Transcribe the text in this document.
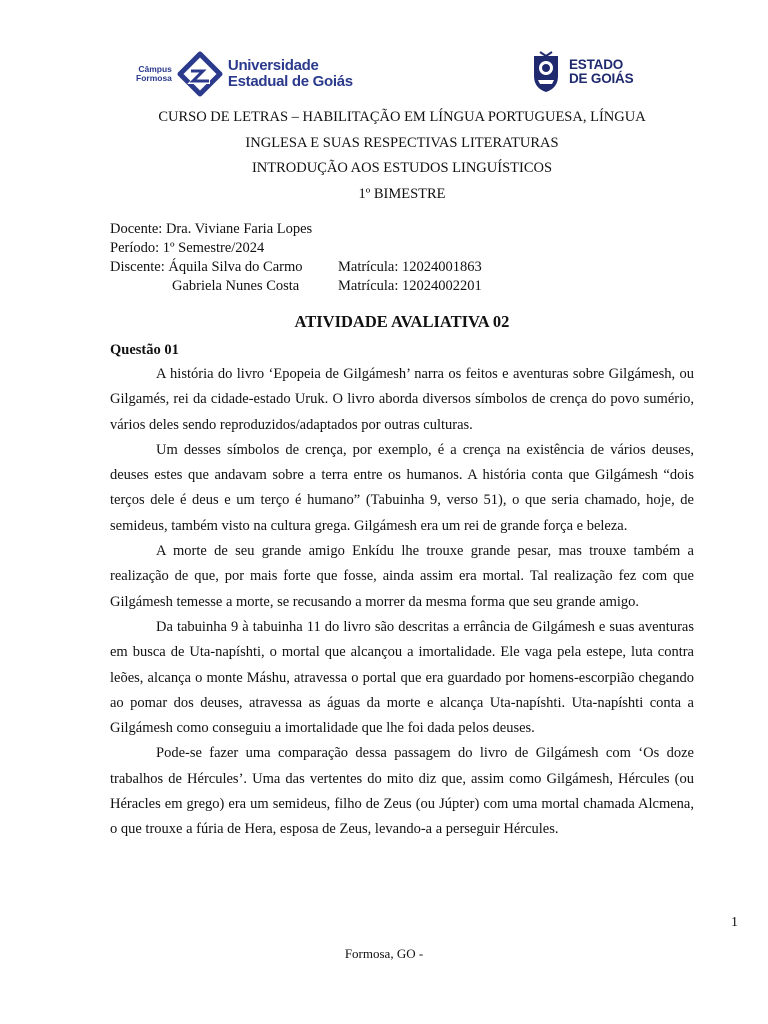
Câmpus
Formosa
Universidade
Estadual de Goiás
ESTADO
DE GOIÁS
CURSO DE LETRAS – HABILITAÇÃO EM LÍNGUA PORTUGUESA, LÍNGUA
INGLESA E SUAS RESPECTIVAS LITERATURAS
INTRODUÇÃO AOS ESTUDOS LINGUÍSTICOS
1º BIMESTRE
Docente: Dra. Viviane Faria Lopes
Período: 1º Semestre/2024
Discente: Áquila Silva do Carmo Matrícula: 12024001863
Gabriela Nunes Costa	Matrícula: 12024002201
ATIVIDADE AVALIATIVA 02
Questão 01

A história do livro ‘Epopeia de Gilgámesh’ narra os feitos e aventuras sobre Gilgámesh, ou Gilgamés, rei da cidade-estado Uruk. O livro aborda diversos símbolos de crença do povo sumério, vários deles sendo reproduzidos/adaptados por outras culturas.

Um desses símbolos de crença, por exemplo, é a crença na existência de vários deuses, deuses estes que andavam sobre a terra entre os humanos. A história conta que Gilgámesh “dois terços dele é deus e um terço é humano” (Tabuinha 9, verso 51), o que seria chamado, hoje, de semideus, também visto na cultura grega. Gilgámesh era um rei de grande força e beleza.

A morte de seu grande amigo Enkídu lhe trouxe grande pesar, mas trouxe também a realização de que, por mais forte que fosse, ainda assim era mortal. Tal realização fez com que Gilgámesh temesse a morte, se recusando a morrer da mesma forma que seu grande amigo.

Da tabuinha 9 à tabuinha 11 do livro são descritas a errância de Gilgámesh e suas aventuras em busca de Uta-napíshti, o mortal que alcançou a imortalidade. Ele vaga pela estepe, luta contra leões, alcança o monte Máshu, atravessa o portal que era guardado por homens-escorpião chegando ao pomar dos deuses, atravessa as águas da morte e alcança Uta-napíshti. Uta-napíshti conta a Gilgámesh como conseguiu a imortalidade que lhe foi dada pelos deuses.

Pode-se fazer uma comparação dessa passagem do livro de Gilgámesh com ‘Os doze trabalhos de Hércules’. Uma das vertentes do mito diz que, assim como Gilgámesh, Hércules (ou Héracles em grego) era um semideus, filho de Zeus (ou Júpter) com uma mortal chamada Alcmena, o que trouxe a fúria de Hera, esposa de Zeus, levando-a a perseguir Hércules.

1
Formosa, GO -
